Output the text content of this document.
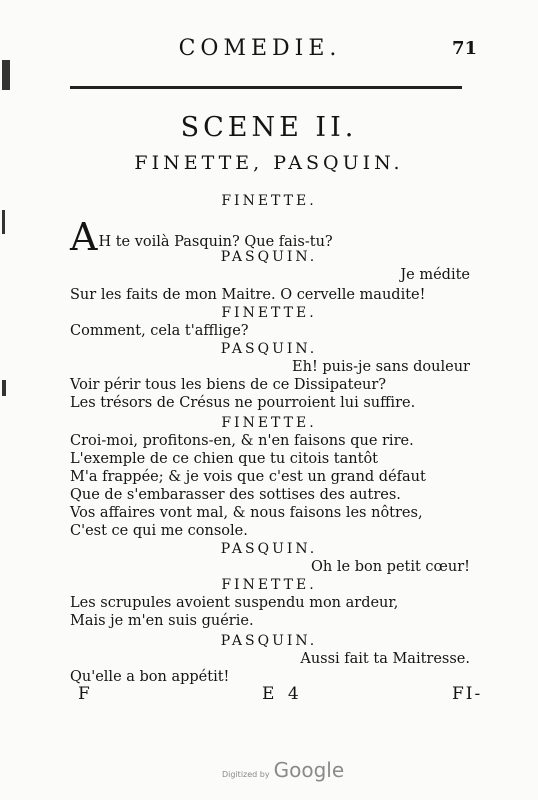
COMEDIE.	71
SCENE II.
FINETTE, PASQUIN.
FINETTE.
AH te voilà Pasquin? Que fais-tu?
PASQUIN.
Je médite
Sur les faits de mon Maitre. O cervelle maudite!
FINETTE.
Comment, cela t'afflige?
PASQUIN.
Eh! puis-je sans douleur
Voir périr tous les biens de ce Dissipateur?
Les trésors de Crésus ne pourroient lui suffire.
FINETTE.
Croi-moi, profitons-en, & n'en faisons que rire.
L'exemple de ce chien que tu citois tantôt
M'a frappée; & je vois que c'est un grand défaut
Que de s'embarasser des sottises des autres.
Vos affaires vont mal, & nous faisons les nôtres,
C'est ce qui me console.
PASQUIN.
Oh le bon petit cœur!
FINETTE.
Les scrupules avoient suspendu mon ardeur,
Mais je m'en suis guérie.
PASQUIN.
Aussi fait ta Maitresse.
Qu'elle a bon appétit!
F	E 4	FI-
Digitized by Google
